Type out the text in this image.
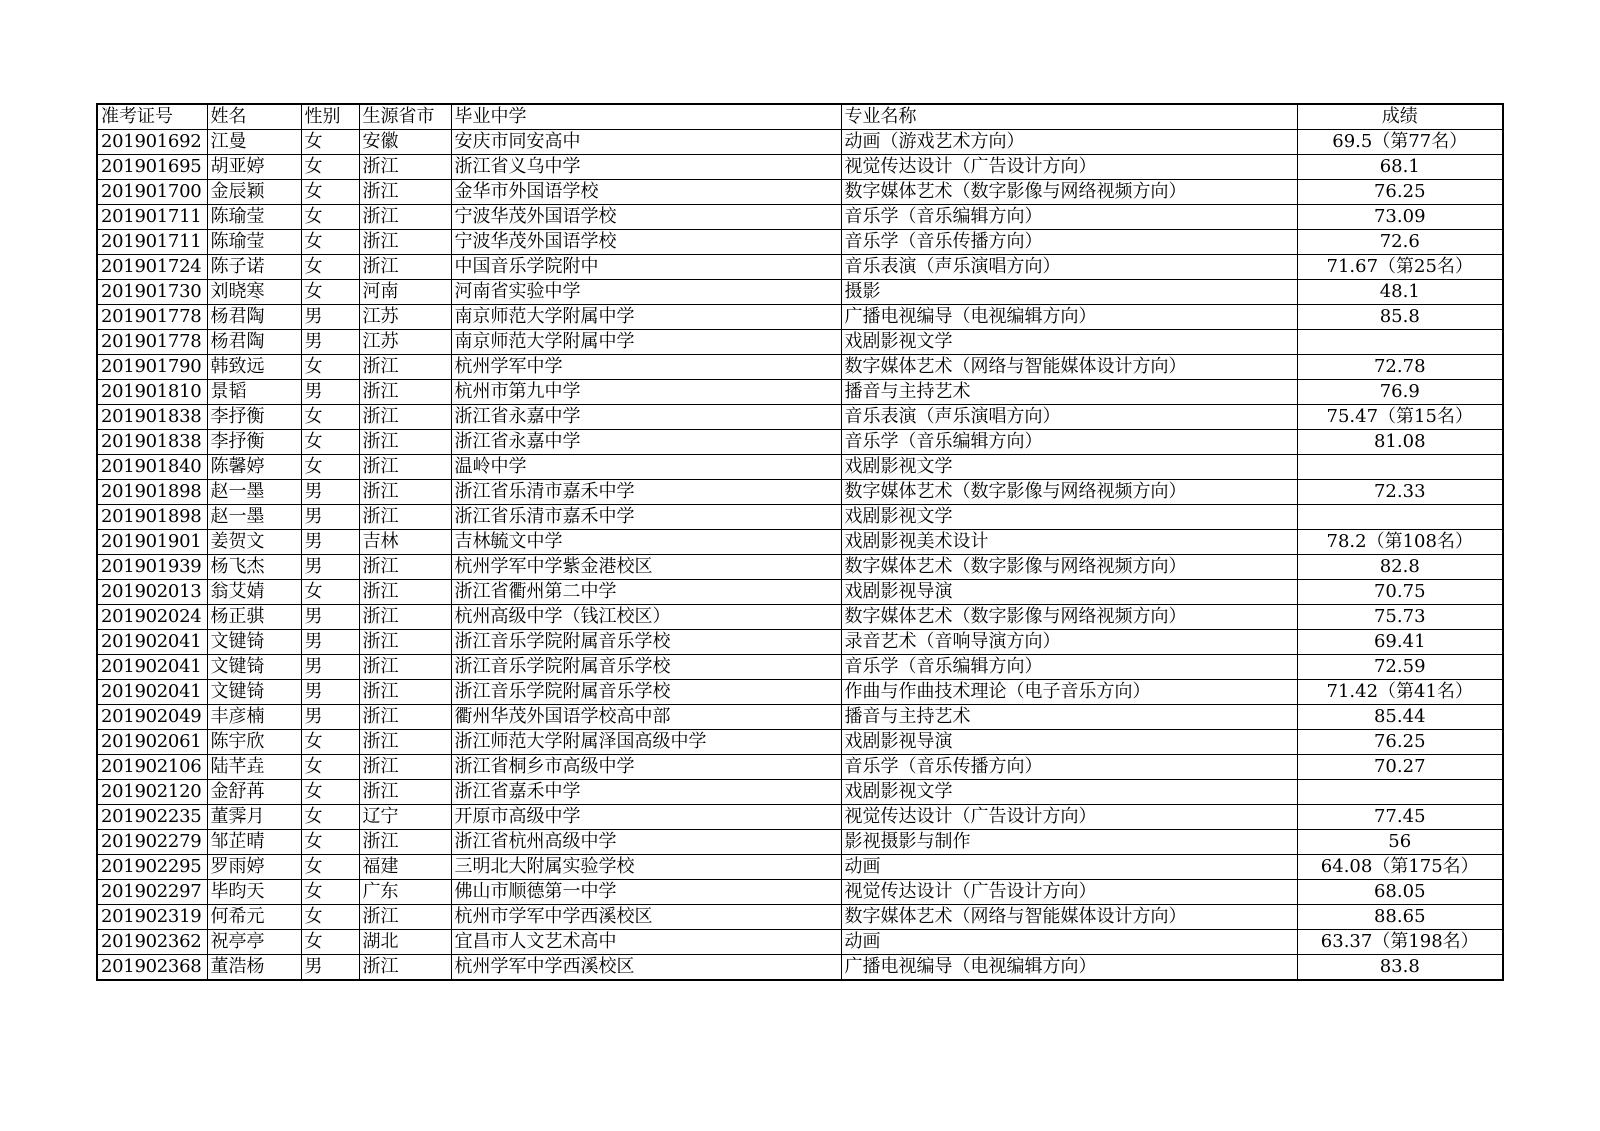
准考证号	姓名	性别	生源省市	毕业中学	专业名称	成绩
201901692	江曼	女	安徽	安庆市同安高中	动画（游戏艺术方向）	69.5（第77名）
201901695	胡亚婷	女	浙江	浙江省义乌中学	视觉传达设计（广告设计方向）	68.1
201901700	金辰颖	女	浙江	金华市外国语学校	数字媒体艺术（数字影像与网络视频方向）	76.25
201901711	陈瑜莹	女	浙江	宁波华茂外国语学校	音乐学（音乐编辑方向）	73.09
201901711	陈瑜莹	女	浙江	宁波华茂外国语学校	音乐学（音乐传播方向）	72.6
201901724	陈子诺	女	浙江	中国音乐学院附中	音乐表演（声乐演唱方向）	71.67（第25名）
201901730	刘晓寒	女	河南	河南省实验中学	摄影	48.1
201901778	杨君陶	男	江苏	南京师范大学附属中学	广播电视编导（电视编辑方向）	85.8
201901778	杨君陶	男	江苏	南京师范大学附属中学	戏剧影视文学	
201901790	韩致远	女	浙江	杭州学军中学	数字媒体艺术（网络与智能媒体设计方向）	72.78
201901810	景韬	男	浙江	杭州市第九中学	播音与主持艺术	76.9
201901838	李抒衡	女	浙江	浙江省永嘉中学	音乐表演（声乐演唱方向）	75.47（第15名）
201901838	李抒衡	女	浙江	浙江省永嘉中学	音乐学（音乐编辑方向）	81.08
201901840	陈馨婷	女	浙江	温岭中学	戏剧影视文学	
201901898	赵一墨	男	浙江	浙江省乐清市嘉禾中学	数字媒体艺术（数字影像与网络视频方向）	72.33
201901898	赵一墨	男	浙江	浙江省乐清市嘉禾中学	戏剧影视文学	
201901901	姜贺文	男	吉林	吉林毓文中学	戏剧影视美术设计	78.2（第108名）
201901939	杨飞杰	男	浙江	杭州学军中学紫金港校区	数字媒体艺术（数字影像与网络视频方向）	82.8
201902013	翁艾婧	女	浙江	浙江省衢州第二中学	戏剧影视导演	70.75
201902024	杨正骐	男	浙江	杭州高级中学（钱江校区）	数字媒体艺术（数字影像与网络视频方向）	75.73
201902041	文键锜	男	浙江	浙江音乐学院附属音乐学校	录音艺术（音响导演方向）	69.41
201902041	文键锜	男	浙江	浙江音乐学院附属音乐学校	音乐学（音乐编辑方向）	72.59
201902041	文键锜	男	浙江	浙江音乐学院附属音乐学校	作曲与作曲技术理论（电子音乐方向）	71.42（第41名）
201902049	丰彦楠	男	浙江	衢州华茂外国语学校高中部	播音与主持艺术	85.44
201902061	陈宇欣	女	浙江	浙江师范大学附属泽国高级中学	戏剧影视导演	76.25
201902106	陆芊垚	女	浙江	浙江省桐乡市高级中学	音乐学（音乐传播方向）	70.27
201902120	金舒苒	女	浙江	浙江省嘉禾中学	戏剧影视文学	
201902235	董霁月	女	辽宁	开原市高级中学	视觉传达设计（广告设计方向）	77.45
201902279	邹芷晴	女	浙江	浙江省杭州高级中学	影视摄影与制作	56
201902295	罗雨婷	女	福建	三明北大附属实验学校	动画	64.08（第175名）
201902297	毕昀天	女	广东	佛山市顺德第一中学	视觉传达设计（广告设计方向）	68.05
201902319	何希元	女	浙江	杭州市学军中学西溪校区	数字媒体艺术（网络与智能媒体设计方向）	88.65
201902362	祝亭亭	女	湖北	宜昌市人文艺术高中	动画	63.37（第198名）
201902368	董浩杨	男	浙江	杭州学军中学西溪校区	广播电视编导（电视编辑方向）	83.8
